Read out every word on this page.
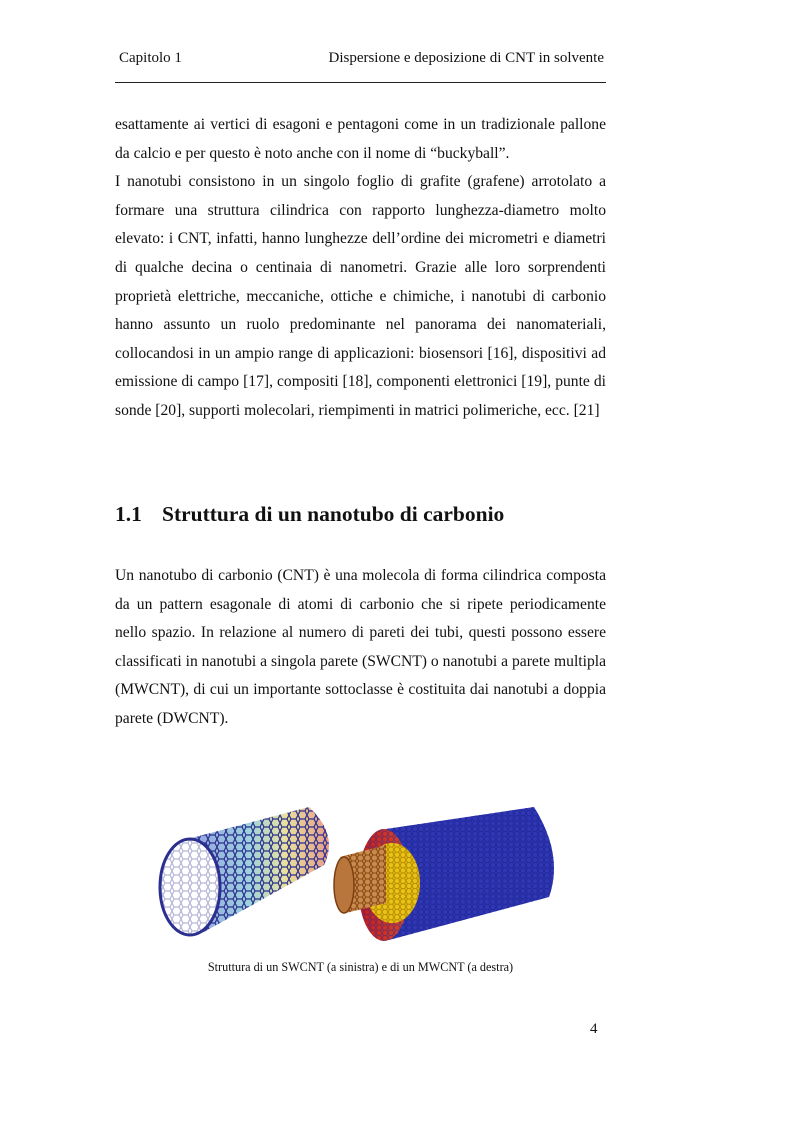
Capitolo 1	Dispersione e deposizione di CNT in solvente
esattamente ai vertici di esagoni e pentagoni come in un tradizionale pallone da calcio e per questo è noto anche con il nome di “buckyball”.
I nanotubi consistono in un singolo foglio di grafite (grafene) arrotolato a formare una struttura cilindrica con rapporto lunghezza-diametro molto elevato: i CNT, infatti, hanno lunghezze dell’ordine dei micrometri e diametri di qualche decina o centinaia di nanometri. Grazie alle loro sorprendenti proprietà elettriche, meccaniche, ottiche e chimiche, i nanotubi di carbonio hanno assunto un ruolo predominante nel panorama dei nanomateriali, collocandosi in un ampio range di applicazioni: biosensori [16], dispositivi ad emissione di campo [17], compositi [18], componenti elettronici [19], punte di sonde [20], supporti molecolari, riempimenti in matrici polimeriche, ecc. [21]
1.1 Struttura di un nanotubo di carbonio

Un nanotubo di carbonio (CNT) è una molecola di forma cilindrica composta da un pattern esagonale di atomi di carbonio che si ripete periodicamente nello spazio. In relazione al numero di pareti dei tubi, questi possono essere classificati in nanotubi a singola parete (SWCNT) o nanotubi a parete multipla (MWCNT), di cui un importante sottoclasse è costituita dai nanotubi a doppia parete (DWCNT).

Struttura di un SWCNT (a sinistra) e di un MWCNT (a destra)
4
